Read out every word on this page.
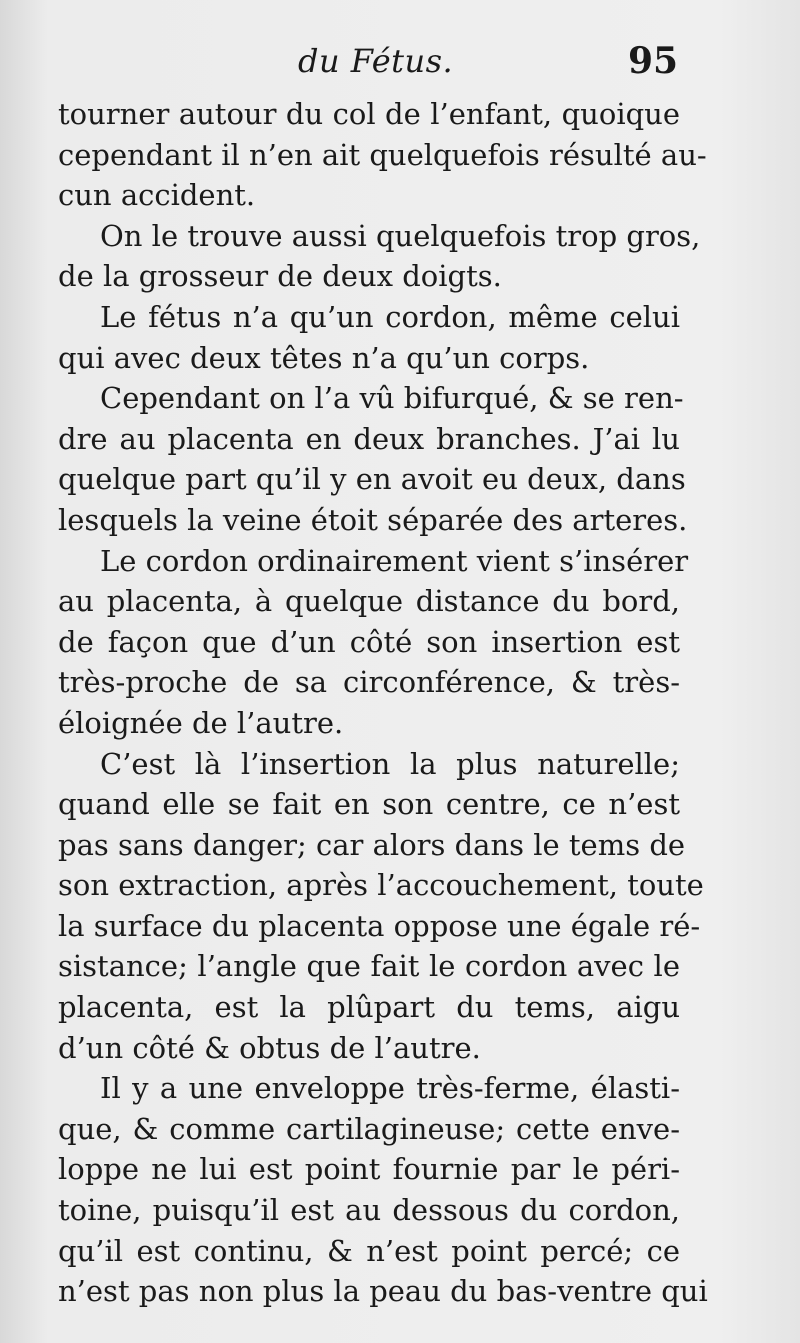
du Fétus.	95
tourner autour du col de l’enfant, quoique
cependant il n’en ait quelquefois résulté au-
cun accident.
On le trouve aussi quelquefois trop gros,
de la grosseur de deux doigts.
Le fétus n’a qu’un cordon, même celui
qui avec deux têtes n’a qu’un corps.
Cependant on l’a vû bifurqué, & se ren-
dre au placenta en deux branches. J’ai lu
quelque part qu’il y en avoit eu deux, dans
lesquels la veine étoit séparée des arteres.
Le cordon ordinairement vient s’insérer
au placenta, à quelque distance du bord,
de façon que d’un côté son insertion est
très-proche de sa circonférence, & très-
éloignée de l’autre.
C’est là l’insertion la plus naturelle;
quand elle se fait en son centre, ce n’est
pas sans danger; car alors dans le tems de
son extraction, après l’accouchement, toute
la surface du placenta oppose une égale ré-
sistance; l’angle que fait le cordon avec le
placenta, est la plûpart du tems, aigu
d’un côté & obtus de l’autre.
Il y a une enveloppe très-ferme, élasti-
que, & comme cartilagineuse; cette enve-
loppe ne lui est point fournie par le péri-
toine, puisqu’il est au dessous du cordon,
qu’il est continu, & n’est point percé; ce
n’est pas non plus la peau du bas-ventre qui
